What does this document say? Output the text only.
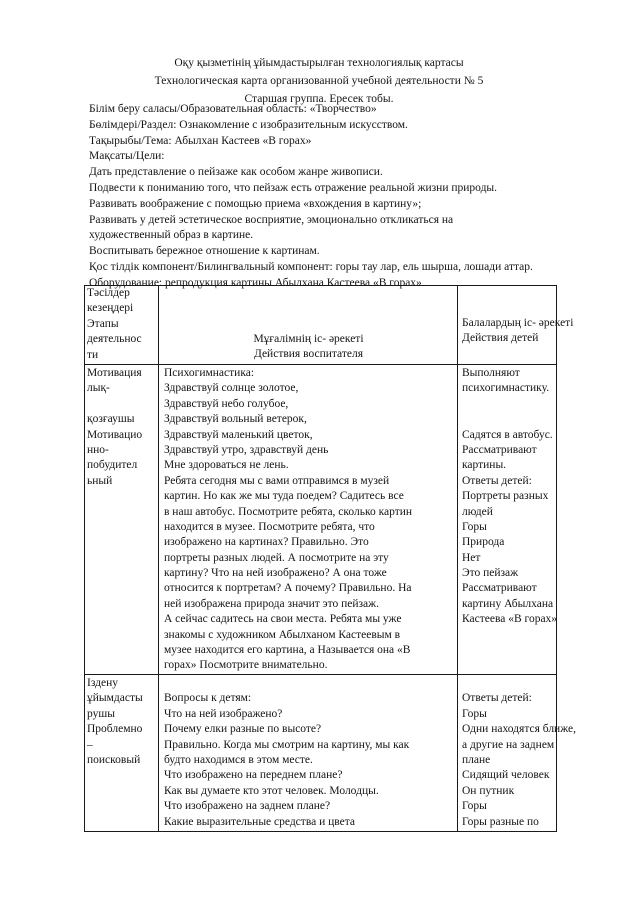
Оқу қызметінің ұйымдастырылған технологиялық картасы
Технологическая карта организованной учебной деятельности № 5
Старшая группа. Ересек тобы.
Білім беру саласы/Образовательная область: «Творчество»
Бөлімдері/Раздел: Ознакомление с изобразительным искусством.
Тақырыбы/Тема: Абылхан Кастеев «В горах»
Мақсаты/Цели:
Дать представление о пейзаже как особом жанре живописи.
Подвести к пониманию того, что пейзаж есть отражение реальной жизни природы.
Развивать воображение с помощью приема «вхождения в картину»;
Развивать у детей эстетическое восприятие, эмоционально откликаться на
художественный образ в картине.
Воспитывать бережное отношение к картинам.
Қос тілдік компонент/Билингвальный компонент: горы тау лар, ель шырша, лошади аттар.
Оборудование: репродукция картины Абылхана Кастеева «В горах»
Тәсілдер
кезеңдері
Этапы
деятельнос
ти
Мұғалімнің іс- әрекеті
Действия воспитателя
Балалардың іс- әрекеті
Действия детей
Мотивация
лық-
қозғаушы
Мотивацио
нно-
побудител
ьный
Психогимнастика:
Здравствуй солнце золотое,
Здравствуй небо голубое,
Здравствуй вольный ветерок,
Здравствуй маленький цветок,
Здравствуй утро, здравствуй день
Мне здороваться не лень.
Ребята сегодня мы с вами отправимся в музей
картин. Но как же мы туда поедем? Садитесь все
в наш автобус. Посмотрите ребята, сколько картин
находится в музее. Посмотрите ребята, что
изображено на картинах? Правильно. Это
портреты разных людей. А посмотрите на эту
картину? Что на ней изображено? А она тоже
относится к портретам? А почему? Правильно. На
ней изображена природа значит это пейзаж.
А сейчас садитесь на свои места. Ребята мы уже
знакомы с художником Абылханом Кастеевым в
музее находится его картина, а Называется она «В
горах» Посмотрите внимательно.
Выполняют
психогимнастику.
Садятся в автобус.
Рассматривают
картины.
Ответы детей:
Портреты разных
людей
Горы
Природа
Нет
Это пейзаж
Рассматривают
картину Абылхана
Кастеева «В горах»
Іздену
ұйымдасты
рушы
Проблемно
–
поисковый
Вопросы к детям:
Что на ней изображено?
Почему елки разные по высоте?
Правильно. Когда мы смотрим на картину, мы как
будто находимся в этом месте.
Что изображено на переднем плане?
Как вы думаете кто этот человек. Молодцы.
Что изображено на заднем плане?
Какие выразительные средства и цвета
Ответы детей:
Горы
Одни находятся ближе,
а другие на заднем
плане
Сидящий человек
Он путник
Горы
Горы разные по
